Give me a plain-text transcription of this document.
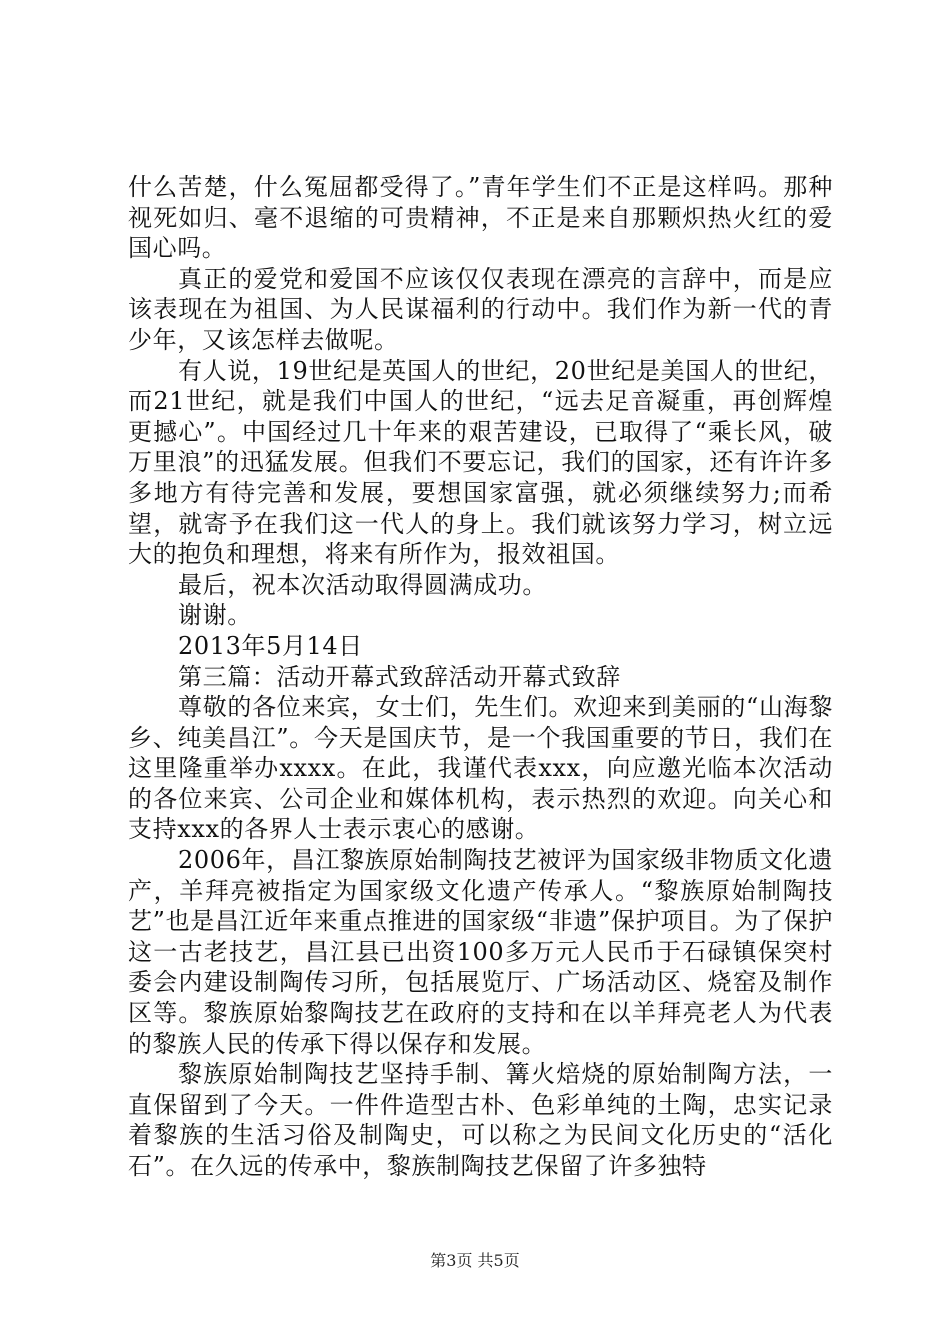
什么苦楚，什么冤屈都受得了。”青年学生们不正是这样吗。那种视死如归、毫不退缩的可贵精神，不正是来自那颗炽热火红的爱国心吗。

真正的爱党和爱国不应该仅仅表现在漂亮的言辞中，而是应该表现在为祖国、为人民谋福利的行动中。我们作为新一代的青少年，又该怎样去做呢。

有人说，19世纪是英国人的世纪，20世纪是美国人的世纪，而21世纪，就是我们中国人的世纪，“远去足音凝重，再创辉煌更撼心”。中国经过几十年来的艰苦建设，已取得了“乘长风，破万里浪”的迅猛发展。但我们不要忘记，我们的国家，还有许许多多地方有待完善和发展，要想国家富强，就必须继续努力;而希望，就寄予在我们这一代人的身上。我们就该努力学习，树立远大的抱负和理想，将来有所作为，报效祖国。

最后，祝本次活动取得圆满成功。

谢谢。

2013年5月14日

第三篇：活动开幕式致辞活动开幕式致辞

尊敬的各位来宾，女士们，先生们。欢迎来到美丽的“山海黎乡、纯美昌江”。今天是国庆节，是一个我国重要的节日，我们在这里隆重举办xxxx。在此，我谨代表xxx，向应邀光临本次活动的各位来宾、公司企业和媒体机构，表示热烈的欢迎。向关心和支持xxx的各界人士表示衷心的感谢。

2006年，昌江黎族原始制陶技艺被评为国家级非物质文化遗产，羊拜亮被指定为国家级文化遗产传承人。“黎族原始制陶技艺”也是昌江近年来重点推进的国家级“非遗”保护项目。为了保护这一古老技艺，昌江县已出资100多万元人民币于石碌镇保突村委会内建设制陶传习所，包括展览厅、广场活动区、烧窑及制作区等。黎族原始黎陶技艺在政府的支持和在以羊拜亮老人为代表的黎族人民的传承下得以保存和发展。

黎族原始制陶技艺坚持手制、篝火焙烧的原始制陶方法，一直保留到了今天。一件件造型古朴、色彩单纯的土陶，忠实记录着黎族的生活习俗及制陶史，可以称之为民间文化历史的“活化石”。在久远的传承中，黎族制陶技艺保留了许多独特

第3页 共5页
